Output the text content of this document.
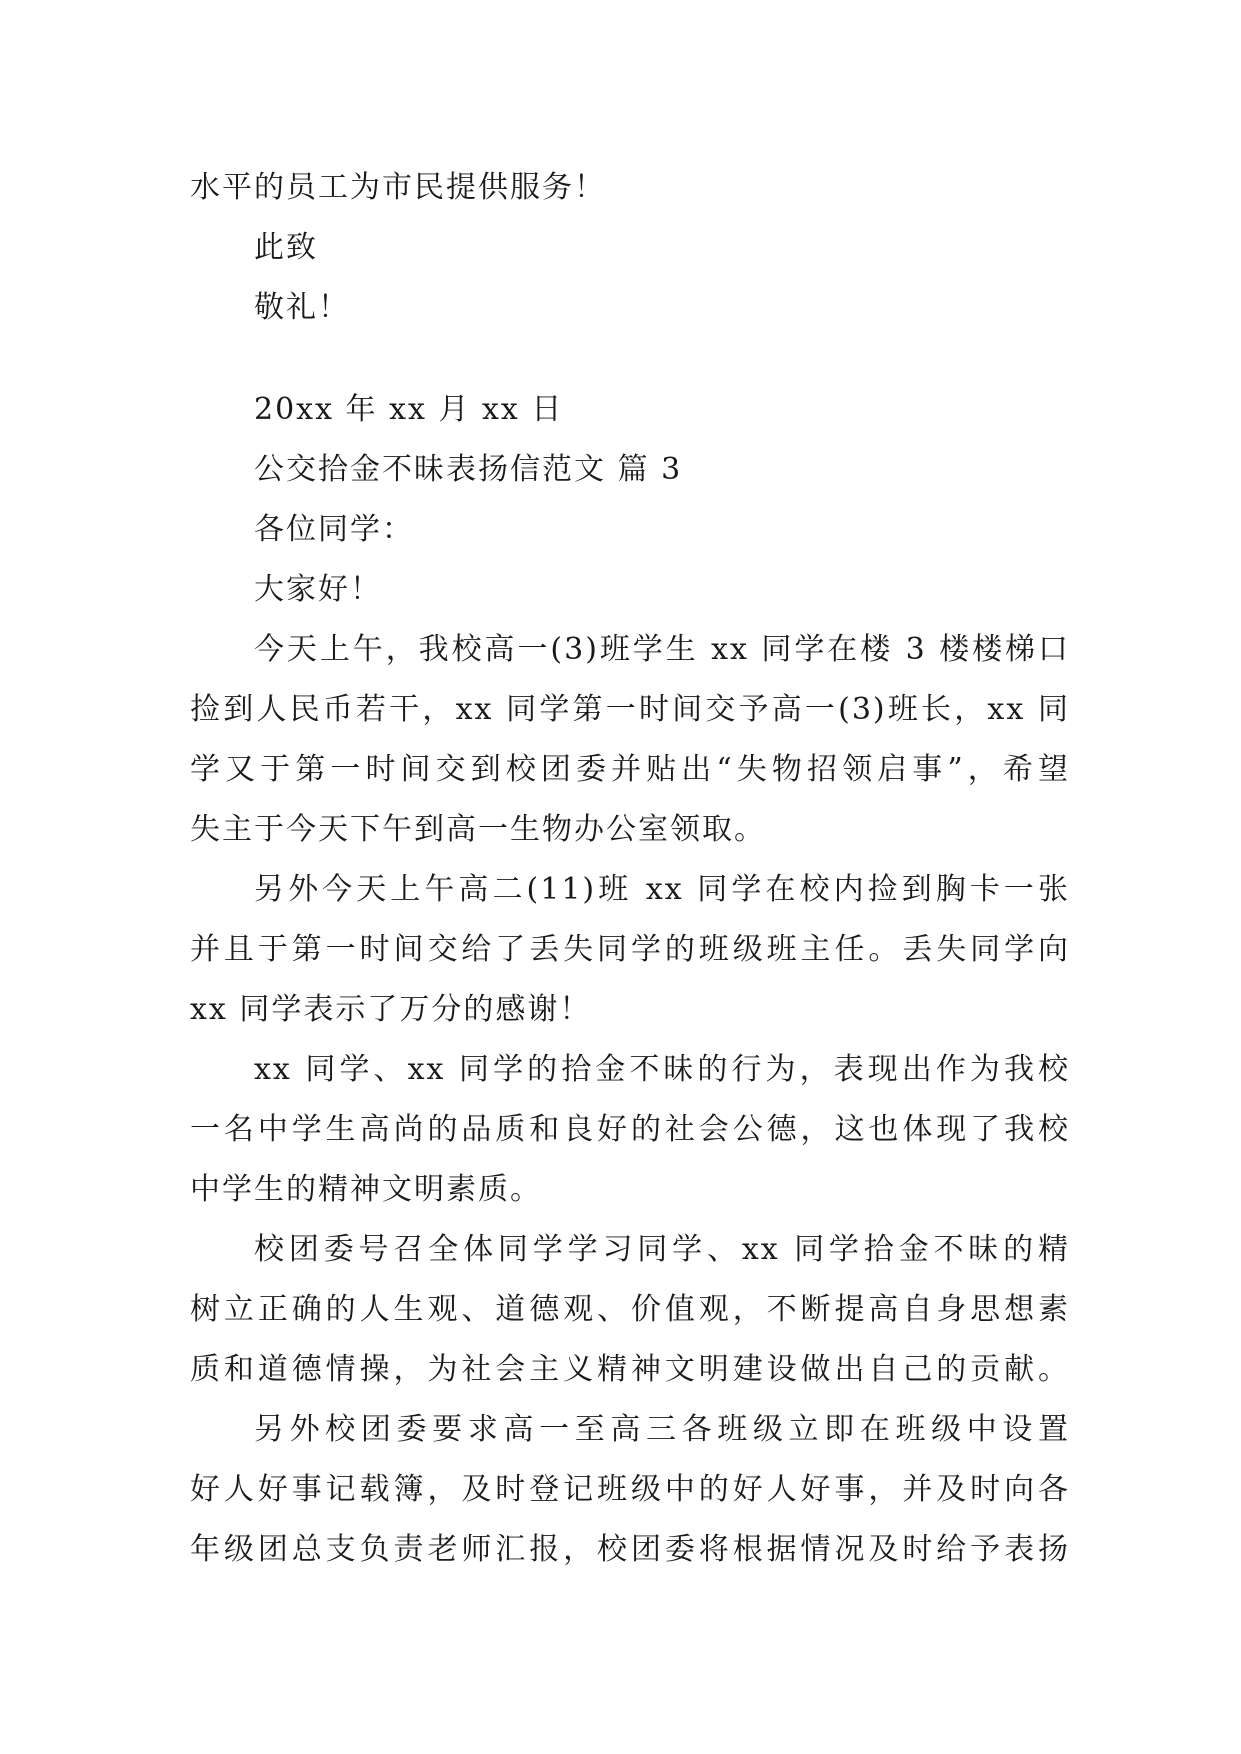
水平的员工为市民提供服务！
此致
敬礼！
20xx 年 xx 月 xx 日
公交拾金不昧表扬信范文 篇 3
各位同学：
大家好！
今天上午，我校高一(3)班学生 xx 同学在楼 3 楼楼梯口
捡到人民币若干，xx 同学第一时间交予高一(3)班长，xx 同
学又于第一时间交到校团委并贴出“失物招领启事”，希望
失主于今天下午到高一生物办公室领取。
另外今天上午高二(11)班 xx 同学在校内捡到胸卡一张
并且于第一时间交给了丢失同学的班级班主任。丢失同学向
xx 同学表示了万分的感谢！
xx 同学、xx 同学的拾金不昧的行为，表现出作为我校
一名中学生高尚的品质和良好的社会公德，这也体现了我校
中学生的精神文明素质。
校团委号召全体同学学习同学、xx 同学拾金不昧的精
树立正确的人生观、道德观、价值观，不断提高自身思想素
质和道德情操，为社会主义精神文明建设做出自己的贡献。
另外校团委要求高一至高三各班级立即在班级中设置
好人好事记载簿，及时登记班级中的好人好事，并及时向各
年级团总支负责老师汇报，校团委将根据情况及时给予表扬
